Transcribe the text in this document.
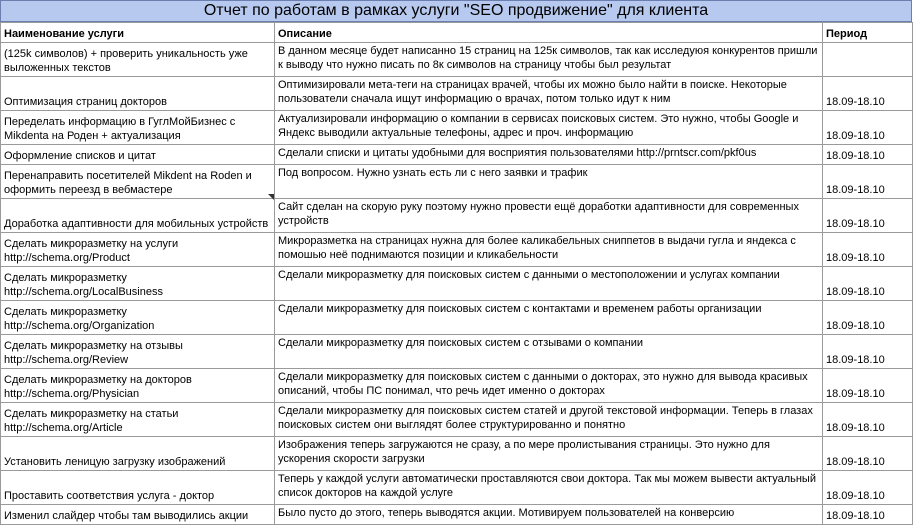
Отчет по работам в рамках услуги "SEO продвижение" для клиента
Наименование услуги	Описание	Период
(125k символов) + проверить уникальность уже выложенных текстов	В данном месяце будет написанно 15 страниц на 125к символов, так как исследуюя конкурентов пришли к выводу что нужно писать по 8к символов на страницу чтобы был результат	
Оптимизация страниц докторов	Оптимизировали мета-теги на страницах врачей, чтобы их можно было найти в поиске. Некоторые пользователи сначала ищут информацию о врачах, потом только идут к ним	18.09-18.10
Переделать информацию в ГуглМойБизнес с Mikdenta на Роден + актуализация	Актуализировали информацию о компании в сервисах поисковых систем. Это нужно, чтобы Google и Яндекс выводили актуальные телефоны, адрес и проч. информацию	18.09-18.10
Оформление списков и цитат	Сделали списки и цитаты удобными для восприятия пользователями http://prntscr.com/pkf0us	18.09-18.10
Перенаправить посетителей Mikdent на Roden и оформить переезд в вебмастере	Под вопросом. Нужно узнать есть ли с него заявки и трафик	18.09-18.10
Доработка адаптивности для мобильных устройств	Сайт сделан на скорую руку поэтому нужно провести ещё доработки адаптивности для современных устройств	18.09-18.10
Сделать микроразметку на услуги http://schema.org/Product	Микроразметка на страницах нужна для более каликабельных сниппетов в выдачи гугла и яндекса с помошью неё поднимаются позиции и кликабельности	18.09-18.10
Сделать микроразметку http://schema.org/LocalBusiness	Сделали микроразметку для поисковых систем с данными о местоположении и услугах компании	18.09-18.10
Сделать микроразметку http://schema.org/Organization	Сделали микроразметку для поисковых систем с контактами и временем работы организации	18.09-18.10
Сделать микроразметку на отзывы http://schema.org/Review	Сделали микроразметку для поисковых систем с отзывами о компании	18.09-18.10
Сделать микроразметку на докторов http://schema.org/Physician	Сделали микроразметку для поисковых систем с данными о докторах, это нужно для вывода красивых описаний, чтобы ПС понимал, что речь идет именно о докторах	18.09-18.10
Сделать микроразметку на статьи http://schema.org/Article	Сделали микроразметку для поисковых систем статей и другой текстовой информации. Теперь в глазах поисковых систем они выглядят более структурированно и понятно	18.09-18.10
Установить леницую загрузку изображений	Изображения теперь загружаются не сразу, а по мере пролистывания страницы. Это нужно для ускорения скорости загрузки	18.09-18.10
Проставить соответствия услуга - доктор	Теперь у каждой услуги автоматически проставляются свои доктора. Так мы можем вывести актуальный список докторов на каждой услуге	18.09-18.10
Изменил слайдер чтобы там выводились акции	Было пусто до этого, теперь выводятся акции. Мотивируем пользователей на конверсию	18.09-18.10
